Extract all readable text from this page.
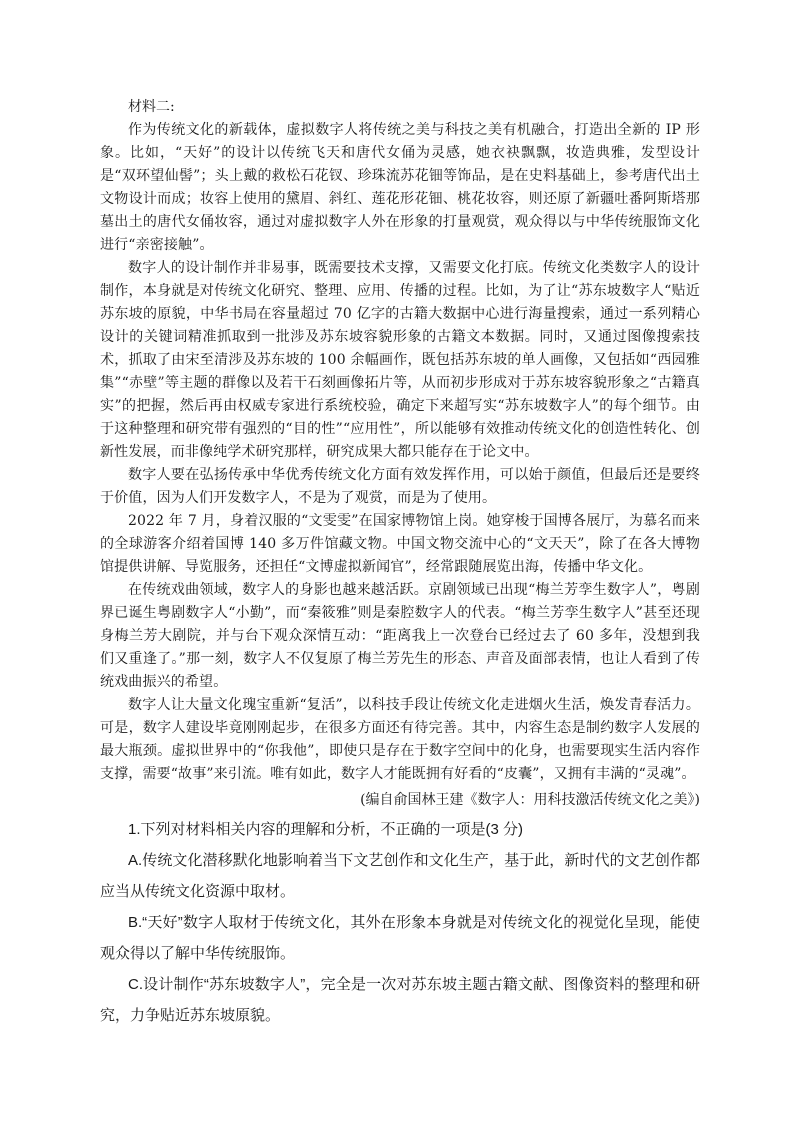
材料二:

作为传统文化的新载体，虚拟数字人将传统之美与科技之美有机融合，打造出全新的 IP 形象。比如，“天好”的设计以传统飞天和唐代女俑为灵感，她衣袂飘飘，妆造典雅，发型设计是“双环望仙髻”；头上戴的救松石花钗、珍珠流苏花钿等饰品，是在史料基础上，参考唐代出土文物设计而成；妆容上使用的黛眉、斜红、莲花形花钿、桃花妆容，则还原了新疆吐番阿斯塔那墓出土的唐代女俑妆容，通过对虚拟数字人外在形象的打量观赏，观众得以与中华传统服饰文化进行“亲密接触”。

数字人的设计制作并非易事，既需要技术支撑，又需要文化打底。传统文化类数字人的设计制作，本身就是对传统文化研究、整理、应用、传播的过程。比如，为了让“苏东坡数字人“贴近苏东坡的原貌，中华书局在容量超过 70 亿字的古籍大数据中心进行海量搜索，通过一系列精心设计的关键词精准抓取到一批涉及苏东坡容貌形象的古籍文本数据。同时，又通过图像搜索技术，抓取了由宋至清涉及苏东坡的 100 余幅画作，既包括苏东坡的单人画像，又包括如“西园雅集”“赤壁”等主题的群像以及若干石刻画像拓片等，从而初步形成对于苏东坡容貌形象之“古籍真实”的把握，然后再由权威专家进行系统校验，确定下来超写实“苏东坡数字人”的每个细节。由于这种整理和研究带有强烈的“目的性”“应用性”，所以能够有效推动传统文化的创造性转化、创新性发展，而非像纯学术研究那样，研究成果大都只能存在于论文中。

数字人要在弘扬传承中华优秀传统文化方面有效发挥作用，可以始于颜值，但最后还是要终于价值，因为人们开发数字人，不是为了观赏，而是为了使用。

2022 年 7 月，身着汉服的“文雯雯”在国家博物馆上岗。她穿梭于国博各展厅，为慕名而来的全球游客介绍着国博 140 多万件馆藏文物。中国文物交流中心的“文天天”，除了在各大博物馆提供讲解、导览服务，还担任“文博虚拟新闻官”，经常跟随展览出海，传播中华文化。

在传统戏曲领域，数字人的身影也越来越活跃。京剧领域已出现“梅兰芳孪生数字人”，粤剧界已诞生粤剧数字人“小勤”，而“秦筱雅”则是秦腔数字人的代表。“梅兰芳孪生数字人”甚至还现身梅兰芳大剧院，并与台下观众深情互动：“距离我上一次登台已经过去了 60 多年，没想到我们又重逢了。”那一刻，数字人不仅复原了梅兰芳先生的形态、声音及面部表情，也让人看到了传统戏曲振兴的希望。

数字人让大量文化瑰宝重新“复活”，以科技手段让传统文化走进烟火生活，焕发青春活力。可是，数字人建设毕竟刚刚起步，在很多方面还有待完善。其中，内容生态是制约数字人发展的最大瓶颈。虚拟世界中的“你我他”，即使只是存在于数字空间中的化身，也需要现实生活内容作支撑，需要“故事”来引流。唯有如此，数字人才能既拥有好看的“皮囊”，又拥有丰满的“灵魂”。

(编自俞国林王建《数字人：用科技激活传统文化之美》)

1.下列对材料相关内容的理解和分析，不正确的一项是(3 分)

A.传统文化潜移默化地影响着当下文艺创作和文化生产，基于此，新时代的文艺创作都应当从传统文化资源中取材。

B.“天好”数字人取材于传统文化，其外在形象本身就是对传统文化的视觉化呈现，能使观众得以了解中华传统服饰。

C.设计制作“苏东坡数字人”，完全是一次对苏东坡主题古籍文献、图像资料的整理和研究，力争贴近苏东坡原貌。
